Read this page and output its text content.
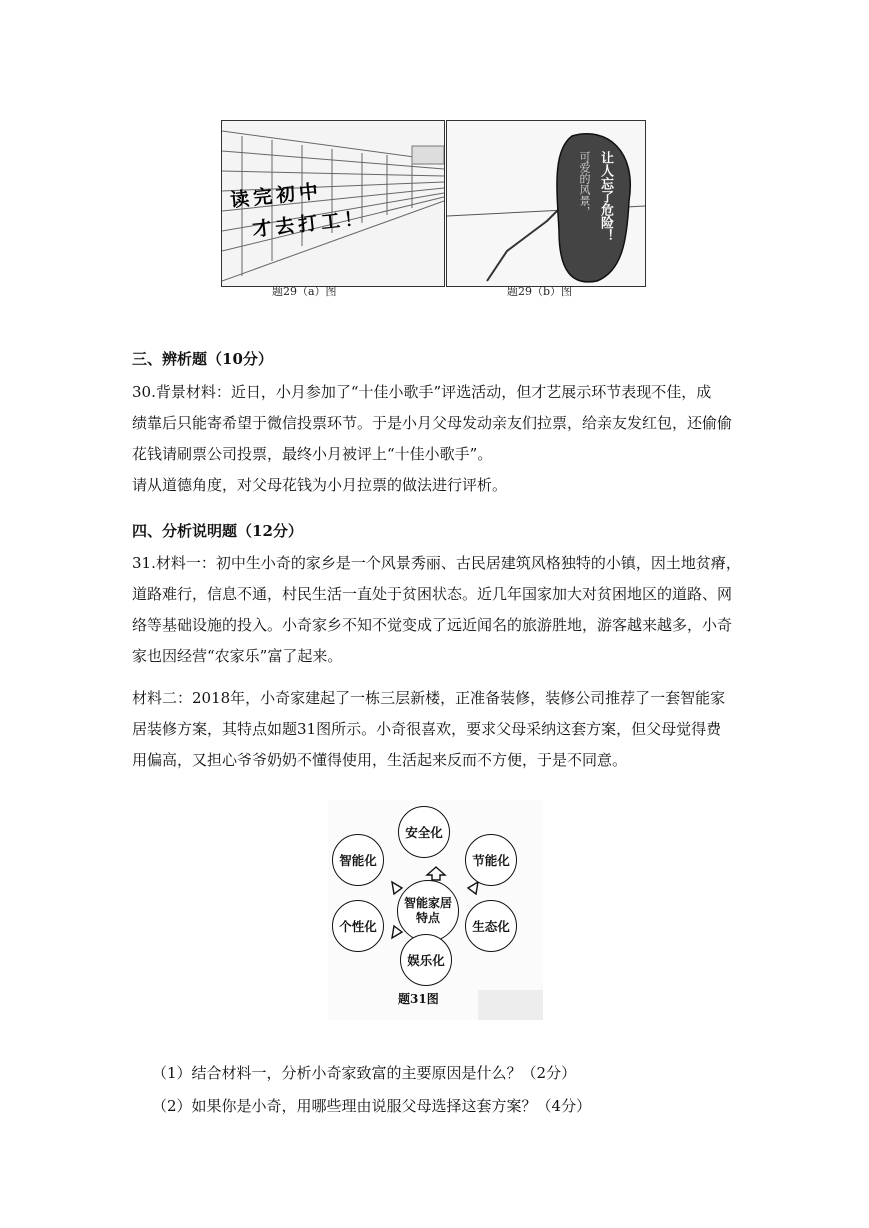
读完初中
才去打工！
题29（a）图
让人忘了危险！
可爱的风景，
题29（b）图
三、辨析题（10分）
30.背景材料：近日，小月参加了“十佳小歌手”评选活动，但才艺展示环节表现不佳，成
绩靠后只能寄希望于微信投票环节。于是小月父母发动亲友们拉票，给亲友发红包，还偷偷
花钱请刷票公司投票，最终小月被评上“十佳小歌手”。
请从道德角度，对父母花钱为小月拉票的做法进行评析。
四、分析说明题（12分）
31.材料一：初中生小奇的家乡是一个风景秀丽、古民居建筑风格独特的小镇，因土地贫瘠，
道路难行，信息不通，村民生活一直处于贫困状态。近几年国家加大对贫困地区的道路、网
络等基础设施的投入。小奇家乡不知不觉变成了远近闻名的旅游胜地，游客越来越多，小奇
家也因经营“农家乐”富了起来。
材料二：2018年，小奇家建起了一栋三层新楼，正准备装修，装修公司推荐了一套智能家
居装修方案，其特点如题31图所示。小奇很喜欢，要求父母采纳这套方案，但父母觉得费
用偏高，又担心爷爷奶奶不懂得使用，生活起来反而不方便，于是不同意。
智能家居特点
安全化
节能化
生态化
娱乐化
个性化
智能化
题31图
（1）结合材料一，分析小奇家致富的主要原因是什么？（2分）
（2）如果你是小奇，用哪些理由说服父母选择这套方案？（4分）
